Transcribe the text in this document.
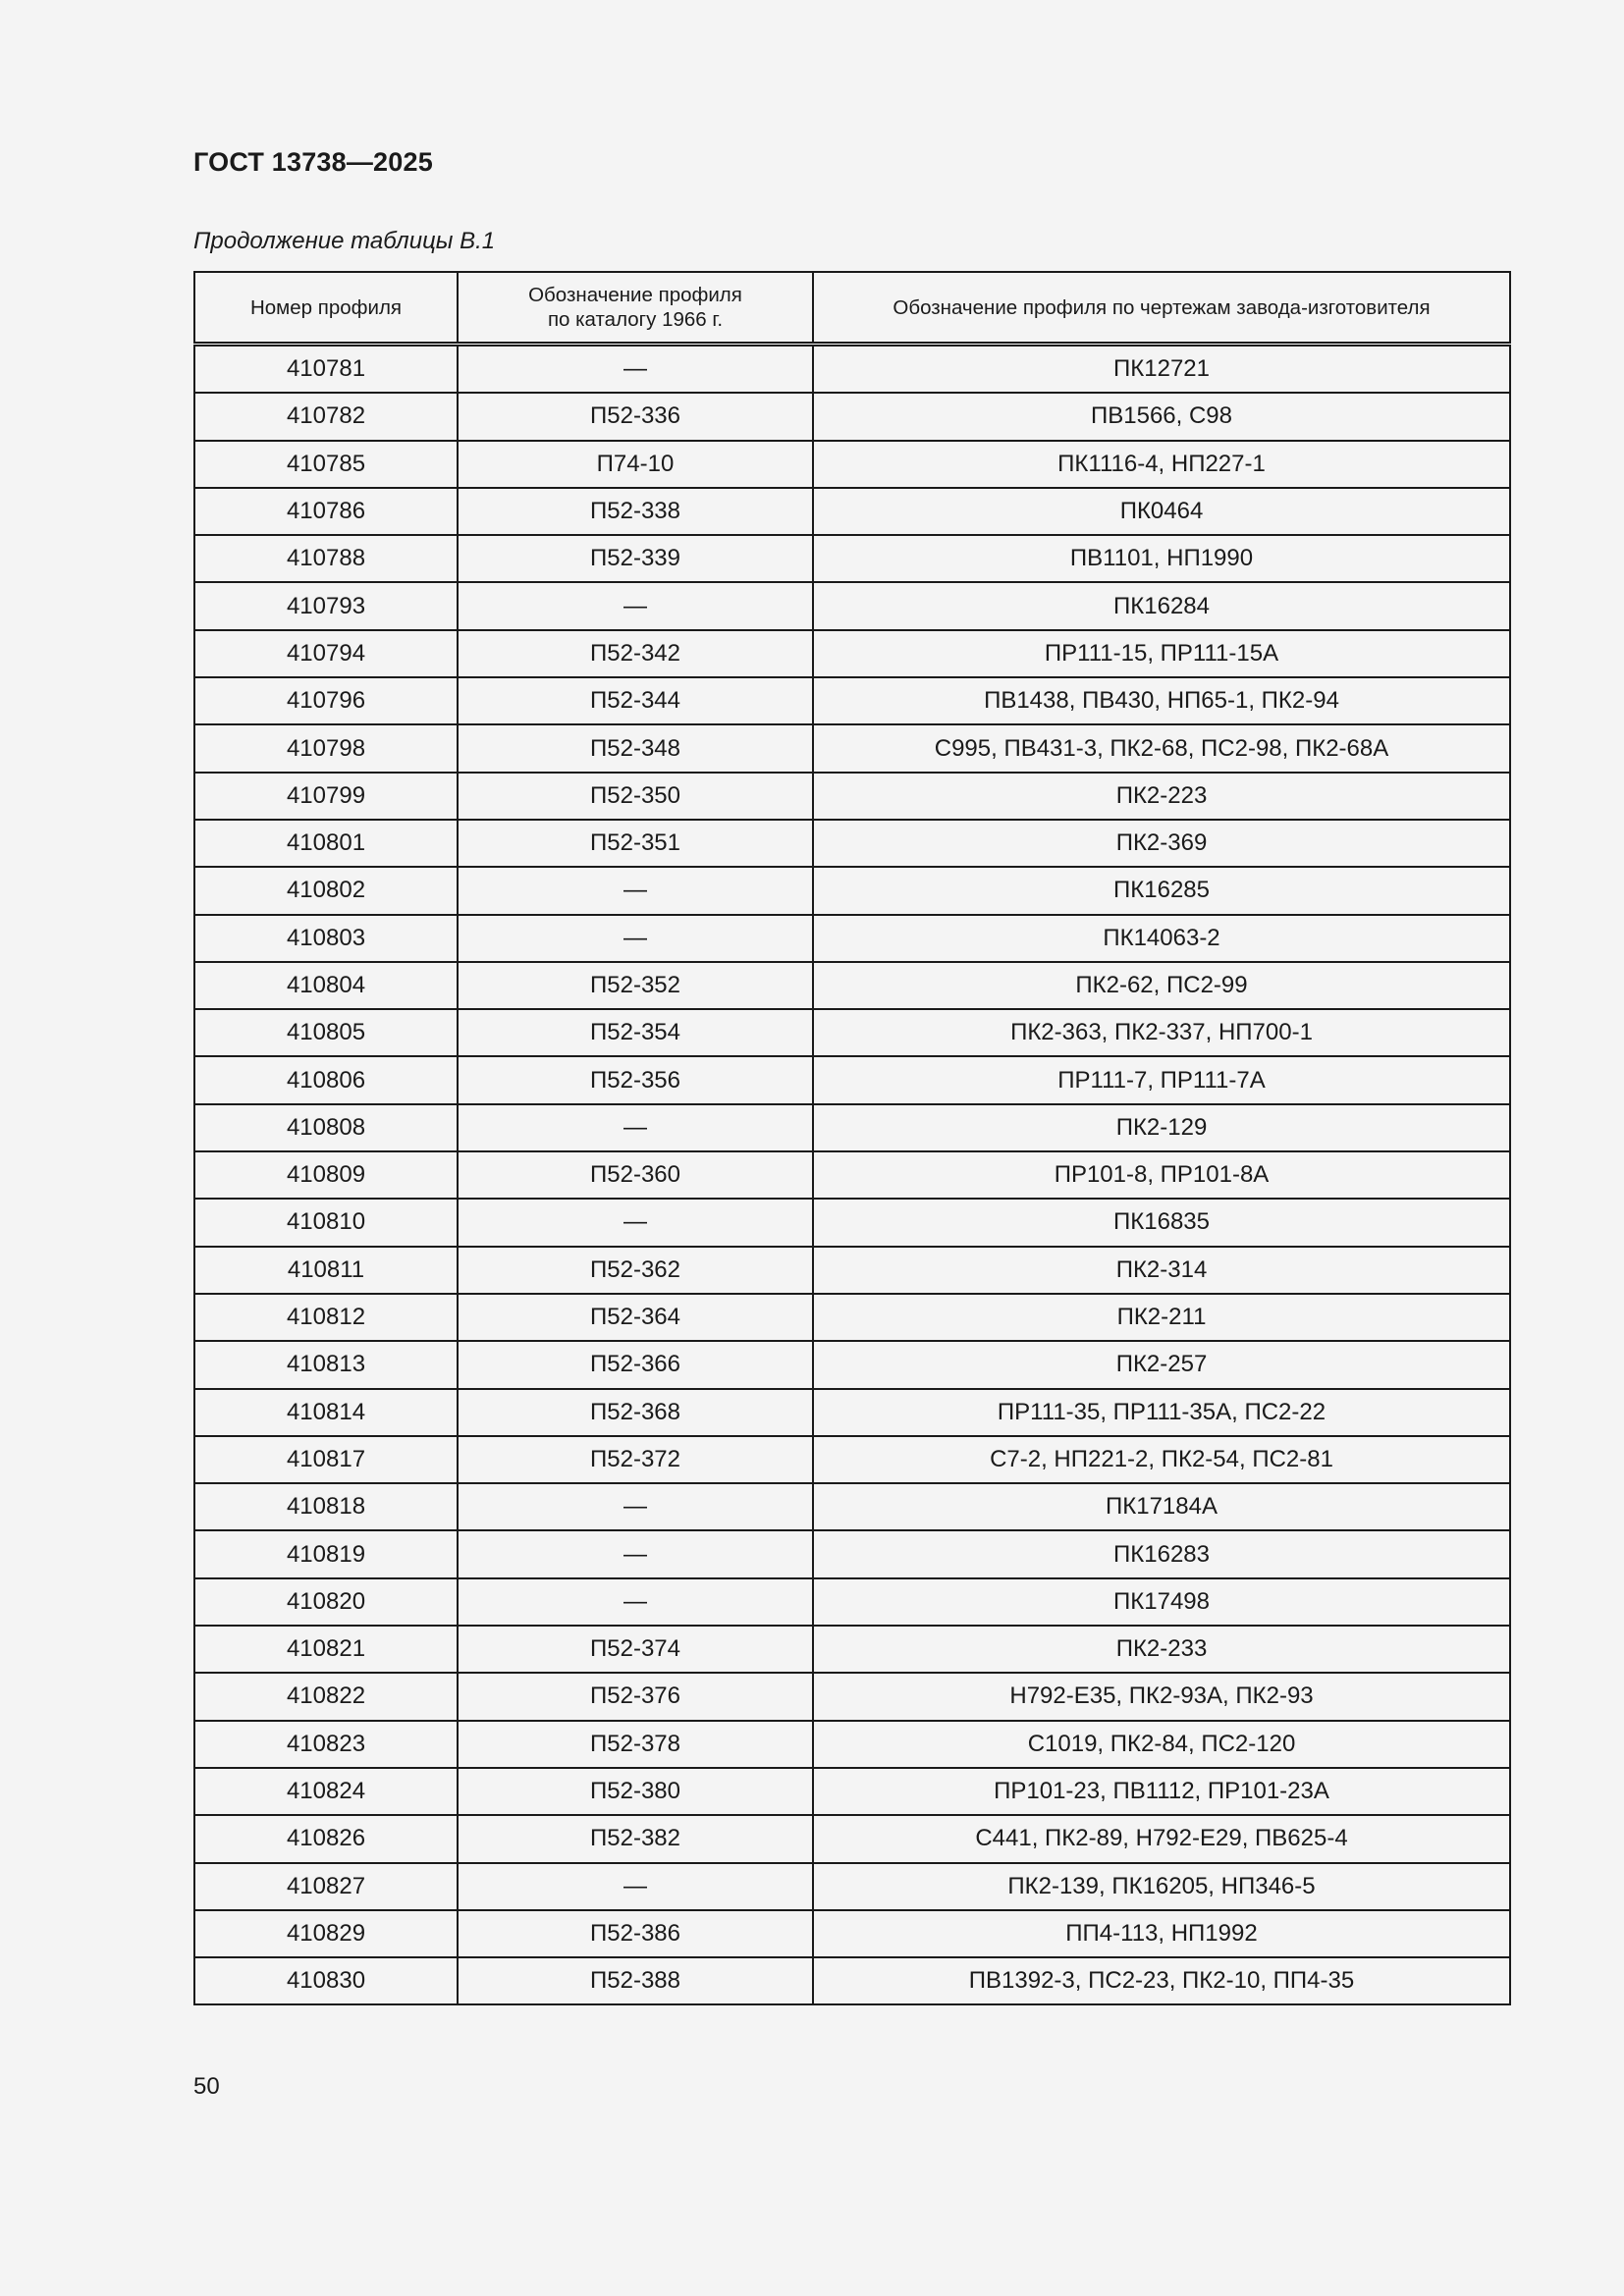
ГОСТ 13738—2025
Продолжение таблицы В.1
Номер профиля	Обозначение профиля по каталогу 1966 г.	Обозначение профиля по чертежам завода-изготовителя
410781	—	ПК12721
410782	П52-336	ПВ1566, С98
410785	П74-10	ПК1116-4, НП227-1
410786	П52-338	ПК0464
410788	П52-339	ПВ1101, НП1990
410793	—	ПК16284
410794	П52-342	ПР111-15, ПР111-15А
410796	П52-344	ПВ1438, ПВ430, НП65-1, ПК2-94
410798	П52-348	С995, ПВ431-3, ПК2-68, ПС2-98, ПК2-68А
410799	П52-350	ПК2-223
410801	П52-351	ПК2-369
410802	—	ПК16285
410803	—	ПК14063-2
410804	П52-352	ПК2-62, ПС2-99
410805	П52-354	ПК2-363, ПК2-337, НП700-1
410806	П52-356	ПР111-7, ПР111-7А
410808	—	ПК2-129
410809	П52-360	ПР101-8, ПР101-8А
410810	—	ПК16835
410811	П52-362	ПК2-314
410812	П52-364	ПК2-211
410813	П52-366	ПК2-257
410814	П52-368	ПР111-35, ПР111-35А, ПС2-22
410817	П52-372	С7-2, НП221-2, ПК2-54, ПС2-81
410818	—	ПК17184А
410819	—	ПК16283
410820	—	ПК17498
410821	П52-374	ПК2-233
410822	П52-376	Н792-Е35, ПК2-93А, ПК2-93
410823	П52-378	С1019, ПК2-84, ПС2-120
410824	П52-380	ПР101-23, ПВ1112, ПР101-23А
410826	П52-382	С441, ПК2-89, Н792-Е29, ПВ625-4
410827	—	ПК2-139, ПК16205, НП346-5
410829	П52-386	ПП4-113, НП1992
410830	П52-388	ПВ1392-3, ПС2-23, ПК2-10, ПП4-35
50
